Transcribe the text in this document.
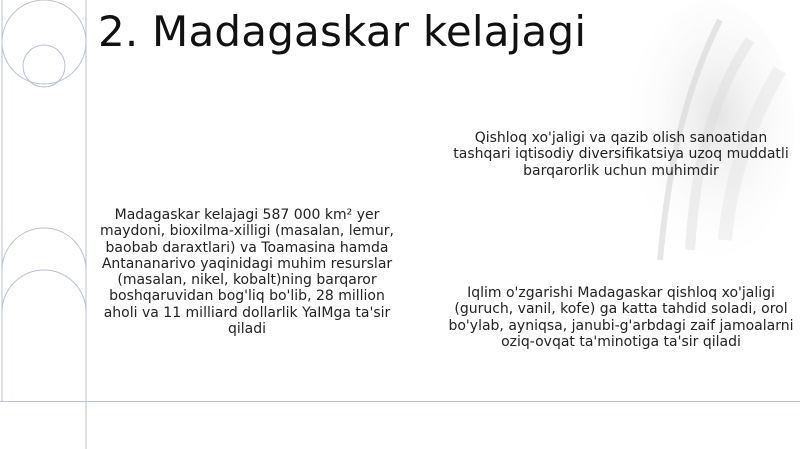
2. Madagaskar kelajagi
Madagaskar kelajagi 587 000 km² yer maydoni, bioxilma-xilligi (masalan, lemur, baobab daraxtlari) va Toamasina hamda Antananarivo yaqinidagi muhim resurslar (masalan, nikel, kobalt)ning barqaror boshqaruvidan bog'liq bo'lib, 28 million aholi va 11 milliard dollarlik YaIMga ta'sir qiladi
Qishloq xo'jaligi va qazib olish sanoatidan tashqari iqtisodiy diversifikatsiya uzoq muddatli barqarorlik uchun muhimdir
Iqlim o'zgarishi Madagaskar qishloq xo'jaligi (guruch, vanil, kofe) ga katta tahdid soladi, orol bo'ylab, ayniqsa, janubi-g'arbdagi zaif jamoalarni oziq-ovqat ta'minotiga ta'sir qiladi
